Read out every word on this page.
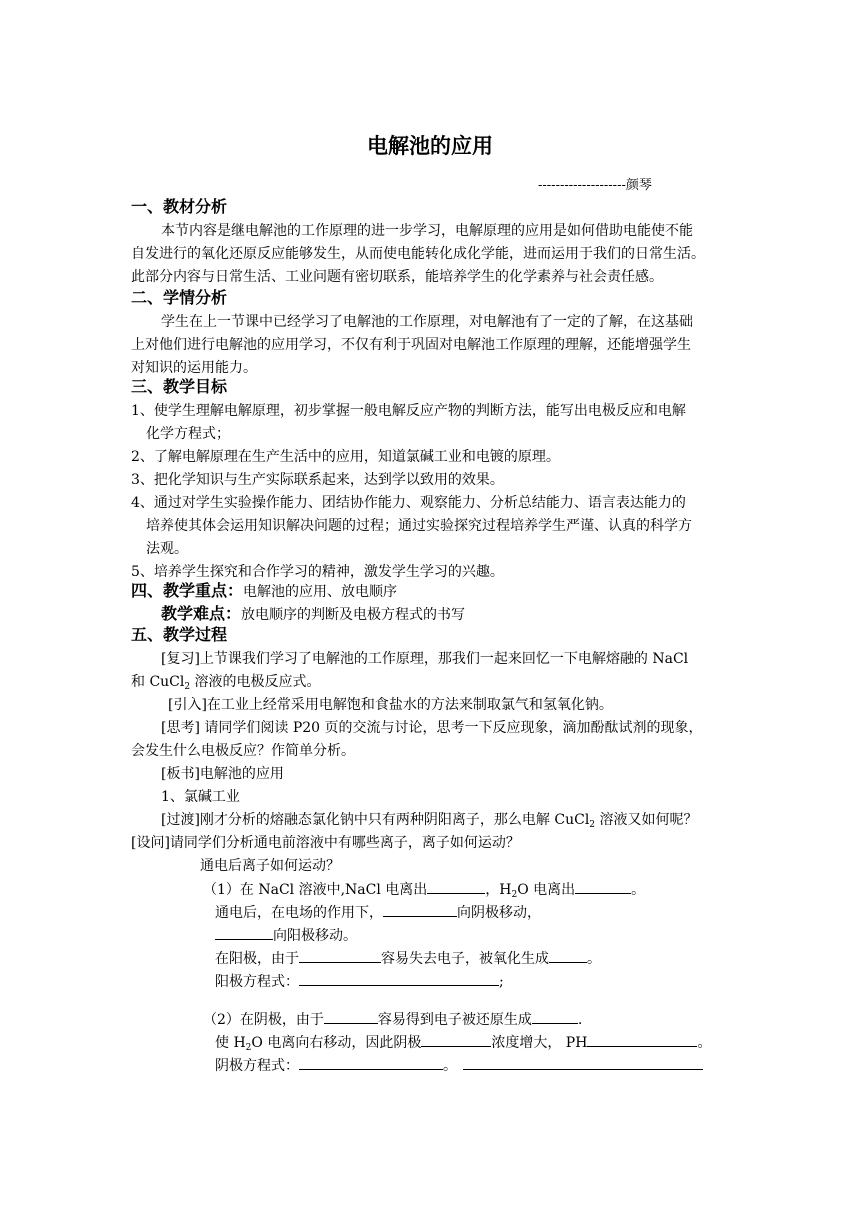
电解池的应用
--------------------颜琴
一、教材分析
本节内容是继电解池的工作原理的进一步学习，电解原理的应用是如何借助电能使不能
自发进行的氧化还原反应能够发生，从而使电能转化成化学能，进而运用于我们的日常生活。
此部分内容与日常生活、工业问题有密切联系，能培养学生的化学素养与社会责任感。
二、学情分析
学生在上一节课中已经学习了电解池的工作原理，对电解池有了一定的了解，在这基础
上对他们进行电解池的应用学习，不仅有利于巩固对电解池工作原理的理解，还能增强学生
对知识的运用能力。
三、教学目标
1、使学生理解电解原理，初步掌握一般电解反应产物的判断方法，能写出电极反应和电解
化学方程式；
2、了解电解原理在生产生活中的应用，知道氯碱工业和电镀的原理。
3、把化学知识与生产实际联系起来，达到学以致用的效果。
4、通过对学生实验操作能力、团结协作能力、观察能力、分析总结能力、语言表达能力的
培养使其体会运用知识解决问题的过程；通过实验探究过程培养学生严谨、认真的科学方
法观。
5、培养学生探究和合作学习的精神，激发学生学习的兴趣。
四、教学重点：电解池的应用、放电顺序
教学难点：放电顺序的判断及电极方程式的书写
五、教学过程
[复习]上节课我们学习了电解池的工作原理，那我们一起来回忆一下电解熔融的 NaCl
和 CuCl$_2$ 溶液的电极反应式。
[引入]在工业上经常采用电解饱和食盐水的方法来制取氯气和氢氧化钠。
[思考] 请同学们阅读 P20 页的交流与讨论，思考一下反应现象，滴加酚酞试剂的现象，
会发生什么电极反应？作简单分析。
[板书]电解池的应用
1、氯碱工业
[过渡]刚才分析的熔融态氯化钠中只有两种阴阳离子，那么电解 CuCl$_2$ 溶液又如何呢？
[设问]请同学们分析通电前溶液中有哪些离子，离子如何运动？
通电后离子如何运动？
（1）在 NaCl 溶液中,NaCl 电离出	，$H_2O$ 电离出	。
通电后，在电场的作用下，	向阴极移动，
向阳极移动。
在阳极，由于	容易失去电子，被氧化生成	。
阳极方程式：	;
（2）在阴极，由于	容易得到电子被还原生成	.
使 $H_2O$ 电离向右移动，因此阴极	浓度增大， PH	。
阴极方程式：	。
